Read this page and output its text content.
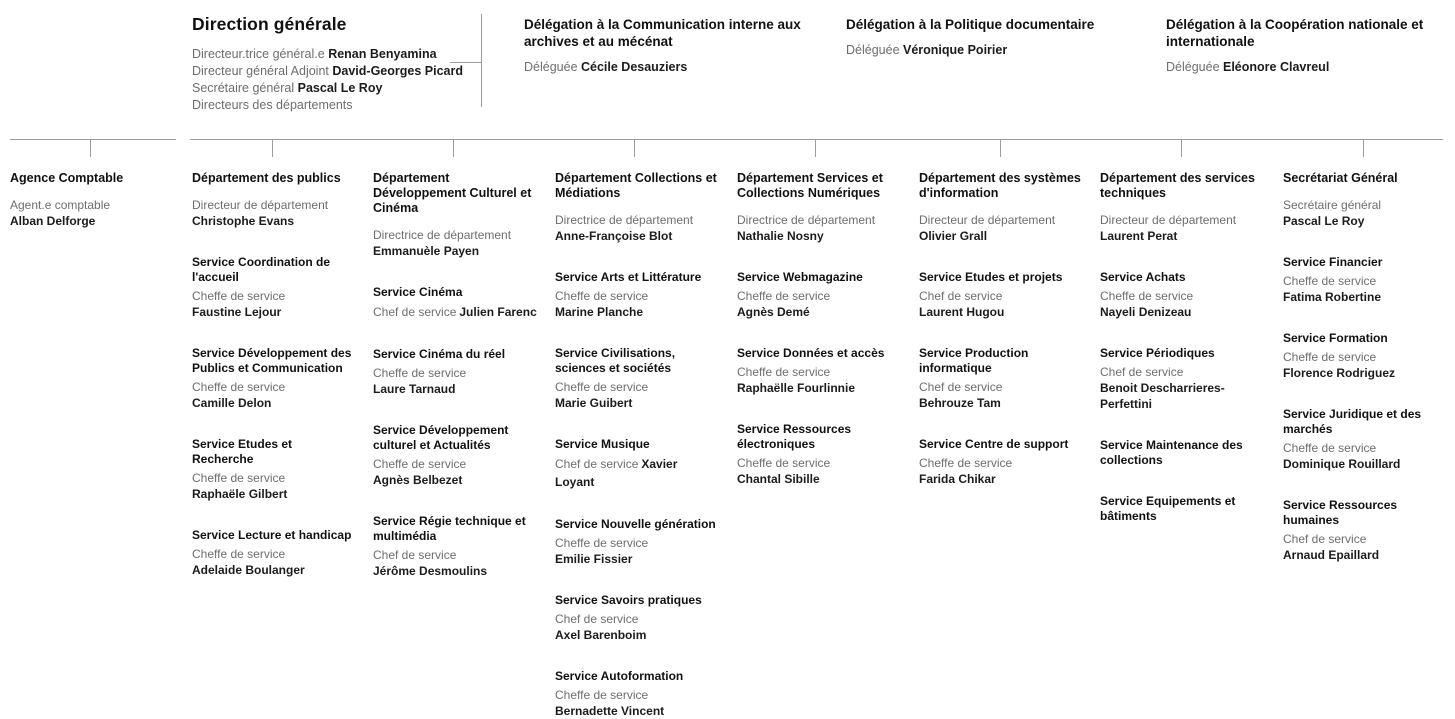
Direction générale
Directeur.trice général.e Renan Benyamina
Directeur général Adjoint David-Georges Picard
Secrétaire général Pascal Le Roy
Directeurs des départements
Délégation à la Communication interne aux archives et au mécénat
Déléguée Cécile Desauziers
Délégation à la Politique documentaire
Déléguée Véronique Poirier
Délégation à la Coopération nationale et internationale
Déléguée Eléonore Clavreul
Agence Comptable
Agent.e comptable
Alban Delforge
Département des publics
Directeur de département
Christophe Evans
Service Coordination de l'accueil
Cheffe de service
Faustine Lejour
Service Développement des Publics et Communication
Cheffe de service
Camille Delon
Service Etudes et Recherche
Cheffe de service
Raphaële Gilbert
Service Lecture et handicap
Cheffe de service
Adelaide Boulanger
Département Développement Culturel et Cinéma
Directrice de département
Emmanuèle Payen
Service Cinéma
Chef de service Julien Farenc
Service Cinéma du réel
Cheffe de service
Laure Tarnaud
Service Développement culturel et Actualités
Cheffe de service
Agnès Belbezet
Service Régie technique et multimédia
Chef de service
Jérôme Desmoulins
Département Collections et Médiations
Directrice de département
Anne-Françoise Blot
Service Arts et Littérature
Cheffe de service
Marine Planche
Service Civilisations, sciences et sociétés
Cheffe de service
Marie Guibert
Service Musique
Chef de service Xavier Loyant
Service Nouvelle génération
Cheffe de service
Emilie Fissier
Service Savoirs pratiques
Chef de service
Axel Barenboim
Service Autoformation
Cheffe de service
Bernadette Vincent
Département Services et Collections Numériques
Directrice de département
Nathalie Nosny
Service Webmagazine
Cheffe de service
Agnès Demé
Service Données et accès
Cheffe de service
Raphaëlle Fourlinnie
Service Ressources électroniques
Cheffe de service
Chantal Sibille
Département des systèmes d'information
Directeur de département
Olivier Grall
Service Etudes et projets
Chef de service
Laurent Hugou
Service Production informatique
Chef de service
Behrouze Tam
Service Centre de support
Cheffe de service
Farida Chikar
Département des services techniques
Directeur de département
Laurent Perat
Service Achats
Cheffe de service
Nayeli Denizeau
Service Périodiques
Chef de service
Benoit Descharrieres-Perfettini
Service Maintenance des collections
Service Equipements et bâtiments
Secrétariat Général
Secrétaire général
Pascal Le Roy
Service Financier
Cheffe de service
Fatima Robertine
Service Formation
Cheffe de service
Florence Rodriguez
Service Juridique et des marchés
Cheffe de service
Dominique Rouillard
Service Ressources humaines
Chef de service
Arnaud Epaillard
